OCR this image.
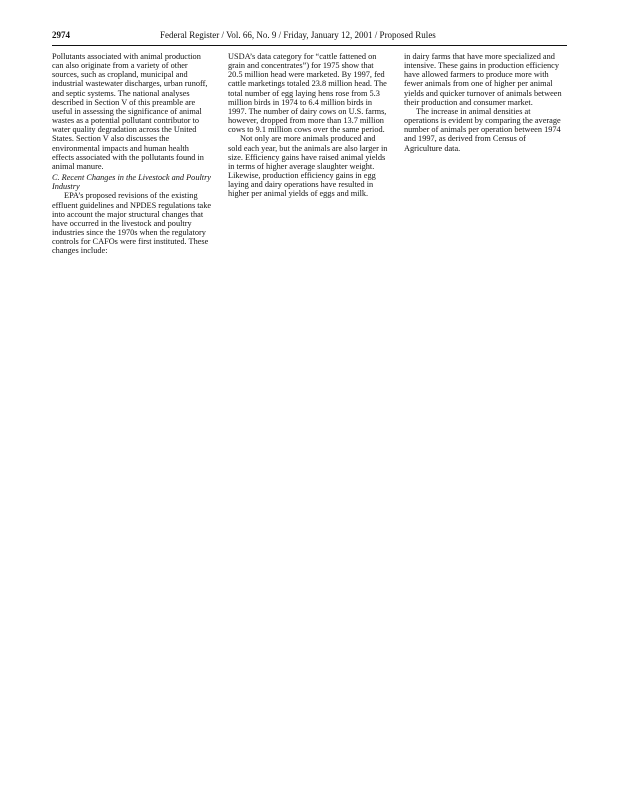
2974	Federal Register / Vol. 66, No. 9 / Friday, January 12, 2001 / Proposed Rules

Pollutants associated with animal production can also originate from a variety of other sources, such as cropland, municipal and industrial wastewater discharges, urban runoff, and septic systems. The national analyses described in Section V of this preamble are useful in assessing the significance of animal wastes as a potential pollutant contributor to water quality degradation across the United States. Section V also discusses the environmental impacts and human health effects associated with the pollutants found in animal manure.

C. Recent Changes in the Livestock and Poultry Industry

EPA’s proposed revisions of the existing effluent guidelines and NPDES regulations take into account the major structural changes that have occurred in the livestock and poultry industries since the 1970s when the regulatory controls for CAFOs were first instituted. These changes include:

USDA’s data category for “cattle fattened on grain and concentrates”) for 1975 show that 20.5 million head were marketed. By 1997, fed cattle marketings totaled 23.8 million head. The total number of egg laying hens rose from 5.3 million birds in 1974 to 6.4 million birds in 1997. The number of dairy cows on U.S. farms, however, dropped from more than 13.7 million cows to 9.1 million cows over the same period.

Not only are more animals produced and sold each year, but the animals are also larger in size. Efficiency gains have raised animal yields in terms of higher average slaughter weight. Likewise, production efficiency gains in egg laying and dairy operations have resulted in higher per animal yields of eggs and milk.

in dairy farms that have more specialized and intensive. These gains in production efficiency have allowed farmers to produce more with fewer animals from one of higher per animal yields and quicker turnover of animals between their production and consumer market.

The increase in animal densities at operations is evident by comparing the average number of animals per operation between 1974 and 1997, as derived from Census of Agriculture data.
